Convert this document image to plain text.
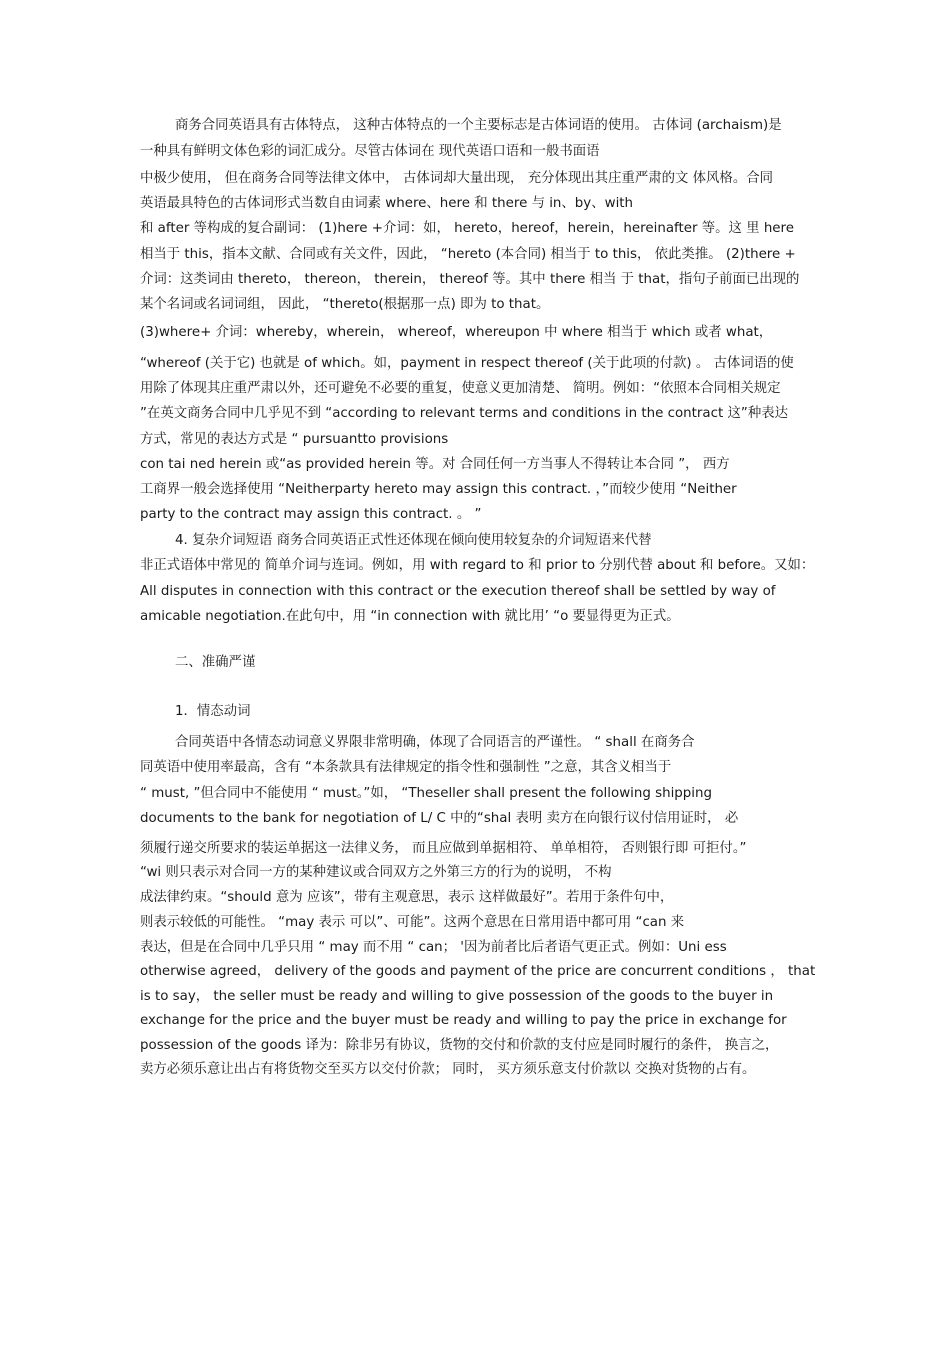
商务合同英语具有古体特点， 这种古体特点的一个主要标志是古体词语的使用。 古体词 (archaism)是
一种具有鲜明文体色彩的词汇成分。尽管古体词在 现代英语口语和一般书面语
中极少使用， 但在商务合同等法律文体中， 古体词却大量出现， 充分体现出其庄重严肃的文 体风格。合同
英语最具特色的古体词形式当数自由词素 where、here 和 there 与 in、by、with
和 after 等构成的复合副词： (1)here +介词：如， hereto，hereof，herein，hereinafter 等。这 里 here
相当于 this，指本文献、合同或有关文件，因此， “hereto (本合同) 相当于 to this， 依此类推。 (2)there +
介词：这类词由 thereto， thereon， therein， thereof 等。其中 there 相当 于 that，指句子前面已出现的
某个名词或名词词组， 因此， “thereto(根据那一点) 即为 to that。
(3)where+ 介词：whereby，wherein， whereof，whereupon 中 where 相当于 which 或者 what，
“whereof (关于它) 也就是 of which。如，payment in respect thereof (关于此项的付款) 。 古体词语的使
用除了体现其庄重严肃以外，还可避免不必要的重复，使意义更加清楚、 简明。例如：“依照本合同相关规定
”在英文商务合同中几乎见不到 “according to relevant terms and conditions in the contract 这”种表达
方式，常见的表达方式是 “ pursuantto provisions
con tai ned herein 或“as provided herein 等。对 合同任何一方当事人不得转让本合同 ”， 西方
工商界一般会选择使用 “Neitherparty hereto may assign this contract. ，”而较少使用 “Neither
party to the contract may assign this contract. 。 ”
4. 复杂介词短语 商务合同英语正式性还体现在倾向使用较复杂的介词短语来代替
非正式语体中常见的 简单介词与连词。例如，用 with regard to 和 prior to 分别代替 about 和 before。又如：
All disputes in connection with this contract or the execution thereof shall be settled by way of
amicable negotiation.在此句中，用 “in connection with 就比用’ “o 要显得更为正式。
二、准确严谨
1．情态动词
合同英语中各情态动词意义界限非常明确，体现了合同语言的严谨性。 “ shall 在商务合
同英语中使用率最高，含有 “本条款具有法律规定的指令性和强制性 ”之意，其含义相当于
“ must, ”但合同中不能使用 “ must。”如， “Theseller shall present the following shipping
documents to the bank for negotiation of L/ C 中的“shal 表明 卖方在向银行议付信用证时， 必
须履行递交所要求的装运单据这一法律义务， 而且应做到单据相符、 单单相符， 否则银行即 可拒付。”
“wi 则只表示对合同一方的某种建议或合同双方之外第三方的行为的说明， 不构
成法律约束。“should 意为 应该”，带有主观意思，表示 这样做最好”。若用于条件句中，
则表示较低的可能性。 “may 表示 可以”、可能”。这两个意思在日常用语中都可用 “can 来
表达，但是在合同中几乎只用 “ may 而不用 “ can； '因为前者比后者语气更正式。例如：Uni ess
otherwise agreed， delivery of the goods and payment of the price are concurrent conditions ， that
is to say， the seller must be ready and willing to give possession of the goods to the buyer in
exchange for the price and the buyer must be ready and willing to pay the price in exchange for
possession of the goods 译为：除非另有协议，货物的交付和价款的支付应是同时履行的条件， 换言之，
卖方必须乐意让出占有将货物交至买方以交付价款； 同时， 买方须乐意支付价款以 交换对货物的占有。
